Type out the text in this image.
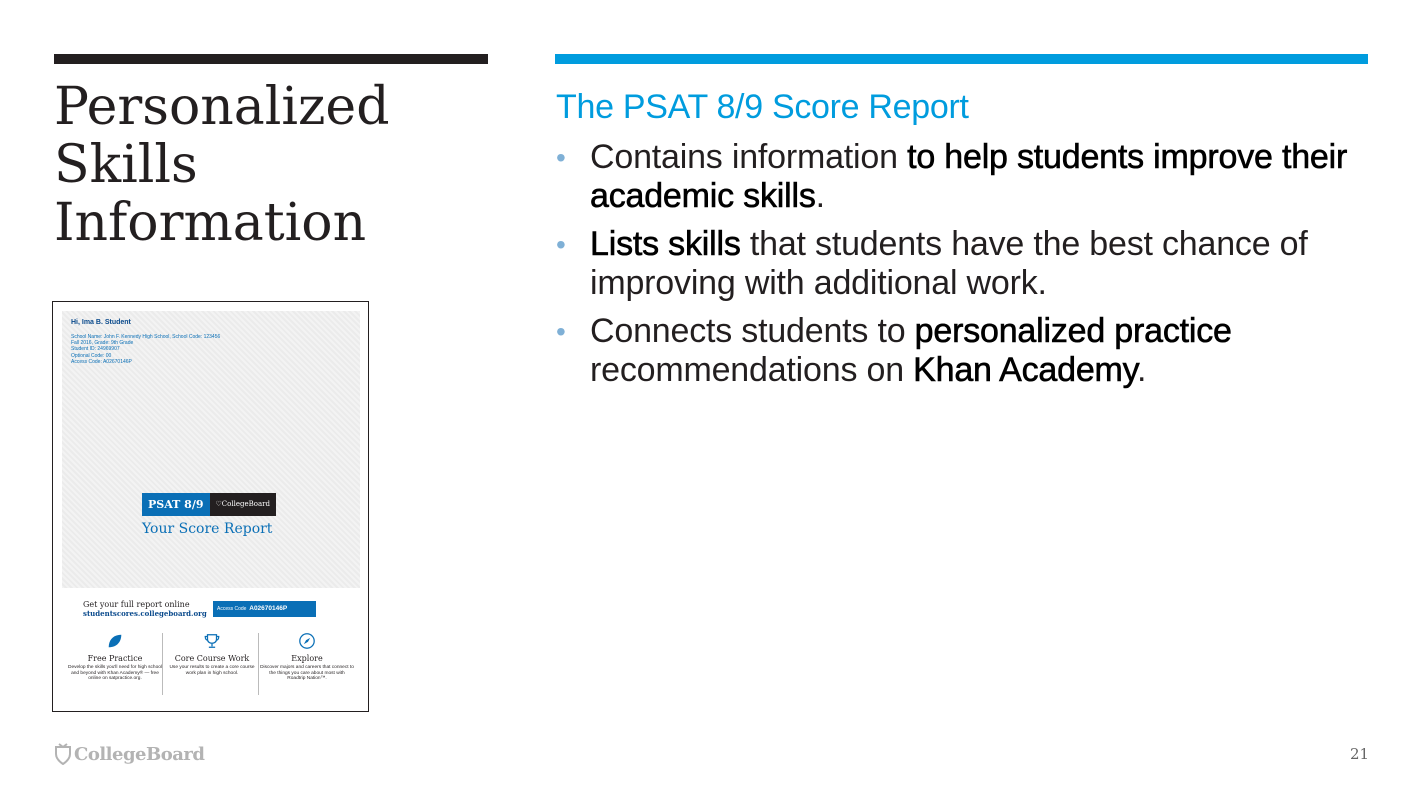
Personalized Skills Information
The PSAT 8/9 Score Report
• Contains information to help students improve their academic skills.
• Lists skills that students have the best chance of improving with additional work.
• Connects students to personalized practice recommendations on Khan Academy.
Hi, Ima B. Student
School Name: John F. Kennedy High School, School Code: 123456
Fall 2016, Grade: 9th Grade
Student ID: 24969907
Optional Code: 00
Access Code: A02670146P
PSAT 8/9	♡CollegeBoard
Your Score Report
Get your full report online
studentscores.collegeboard.org	Access Code A02670146P
Free Practice
Develop the skills you'll need for high school and beyond with Khan Academy® — free online on satpractice.org.
Core Course Work
Use your results to create a core course work plan in high school.
Explore
Discover majors and careers that connect to the things you care about most with Roadtrip Nation™.
CollegeBoard	21
